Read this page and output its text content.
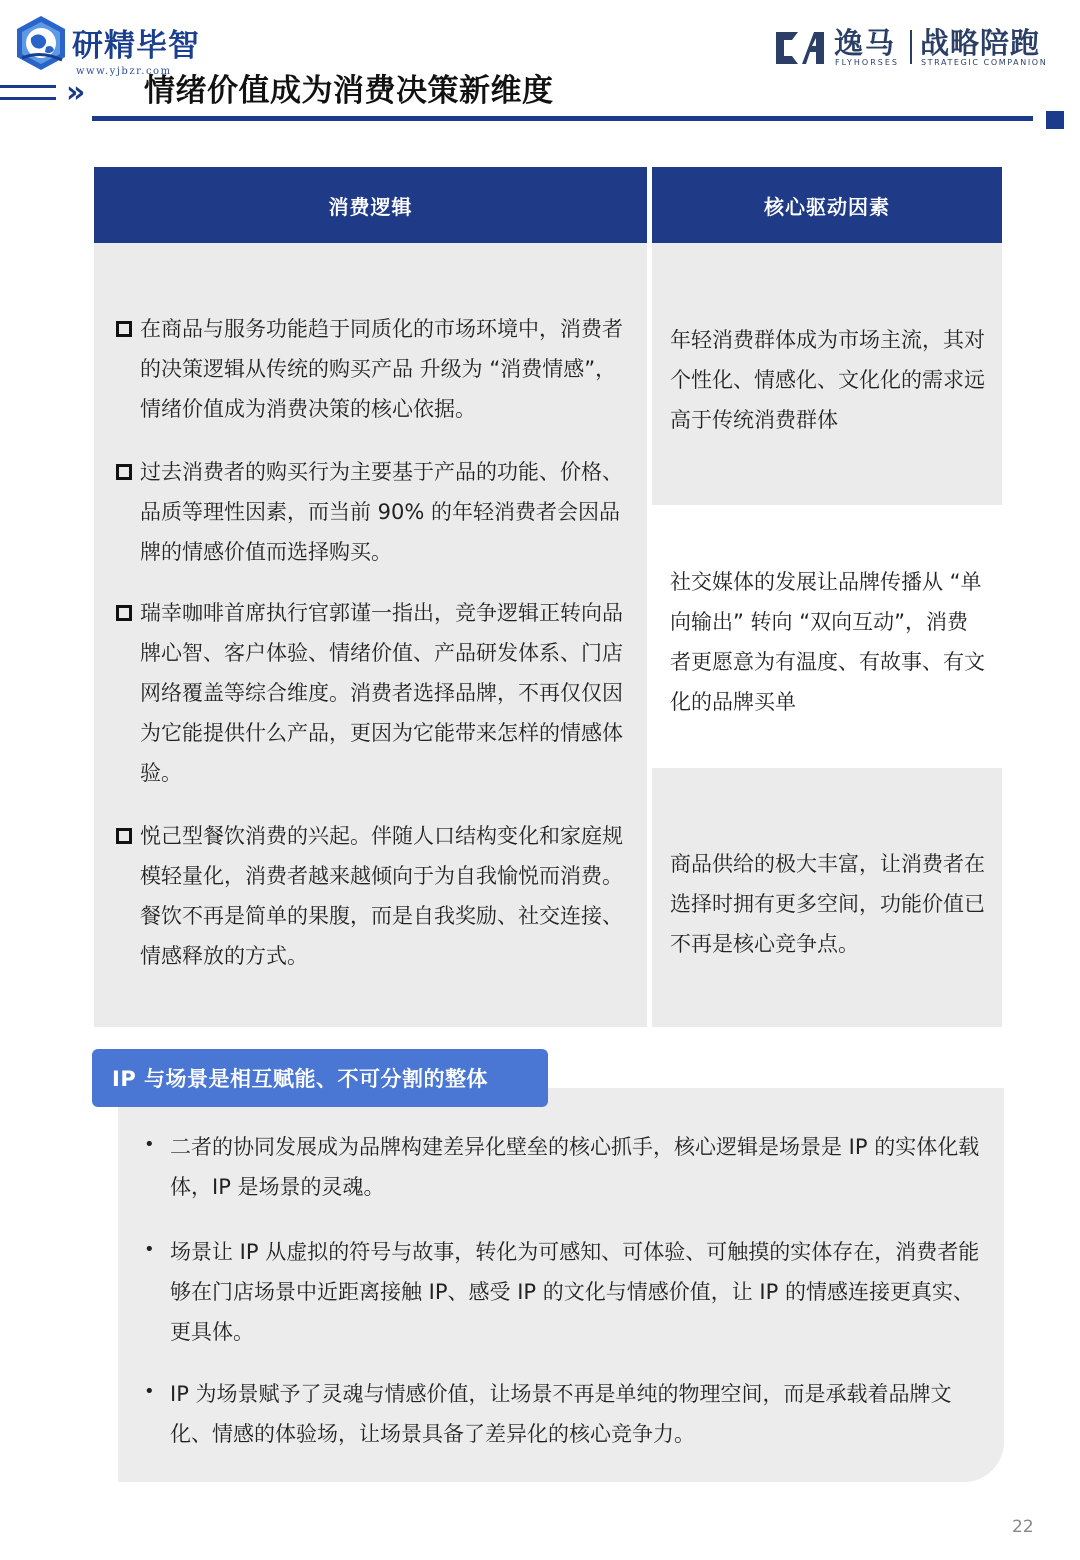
研精毕智
www.yjbzr.com
逸马
FLYHORSES
战略陪跑
STRATEGIC COMPANION
» 情绪价值成为消费决策新维度
消费逻辑	核心驱动因素
在商品与服务功能趋于同质化的市场环境中，消费者的决策逻辑从传统的购买产品 升级为 “消费情感”，情绪价值成为消费决策的核心依据。
过去消费者的购买行为主要基于产品的功能、价格、品质等理性因素，而当前 90% 的年轻消费者会因品牌的情感价值而选择购买。
瑞幸咖啡首席执行官郭谨一指出，竞争逻辑正转向品牌心智、客户体验、情绪价值、产品研发体系、门店网络覆盖等综合维度。消费者选择品牌，不再仅仅因为它能提供什么产品，更因为它能带来怎样的情感体验。
悦己型餐饮消费的兴起。伴随人口结构变化和家庭规模轻量化，消费者越来越倾向于为自我愉悦而消费。餐饮不再是简单的果腹，而是自我奖励、社交连接、情感释放的方式。
年轻消费群体成为市场主流，其对个性化、情感化、文化化的需求远高于传统消费群体
社交媒体的发展让品牌传播从 “单向输出” 转向 “双向互动”，消费者更愿意为有温度、有故事、有文化的品牌买单
商品供给的极大丰富，让消费者在选择时拥有更多空间，功能价值已不再是核心竞争点。
IP 与场景是相互赋能、不可分割的整体
• 二者的协同发展成为品牌构建差异化壁垒的核心抓手，核心逻辑是场景是 IP 的实体化载体，IP 是场景的灵魂。
• 场景让 IP 从虚拟的符号与故事，转化为可感知、可体验、可触摸的实体存在，消费者能够在门店场景中近距离接触 IP、感受 IP 的文化与情感价值，让 IP 的情感连接更真实、更具体。
• IP 为场景赋予了灵魂与情感价值，让场景不再是单纯的物理空间，而是承载着品牌文化、情感的体验场，让场景具备了差异化的核心竞争力。
22
